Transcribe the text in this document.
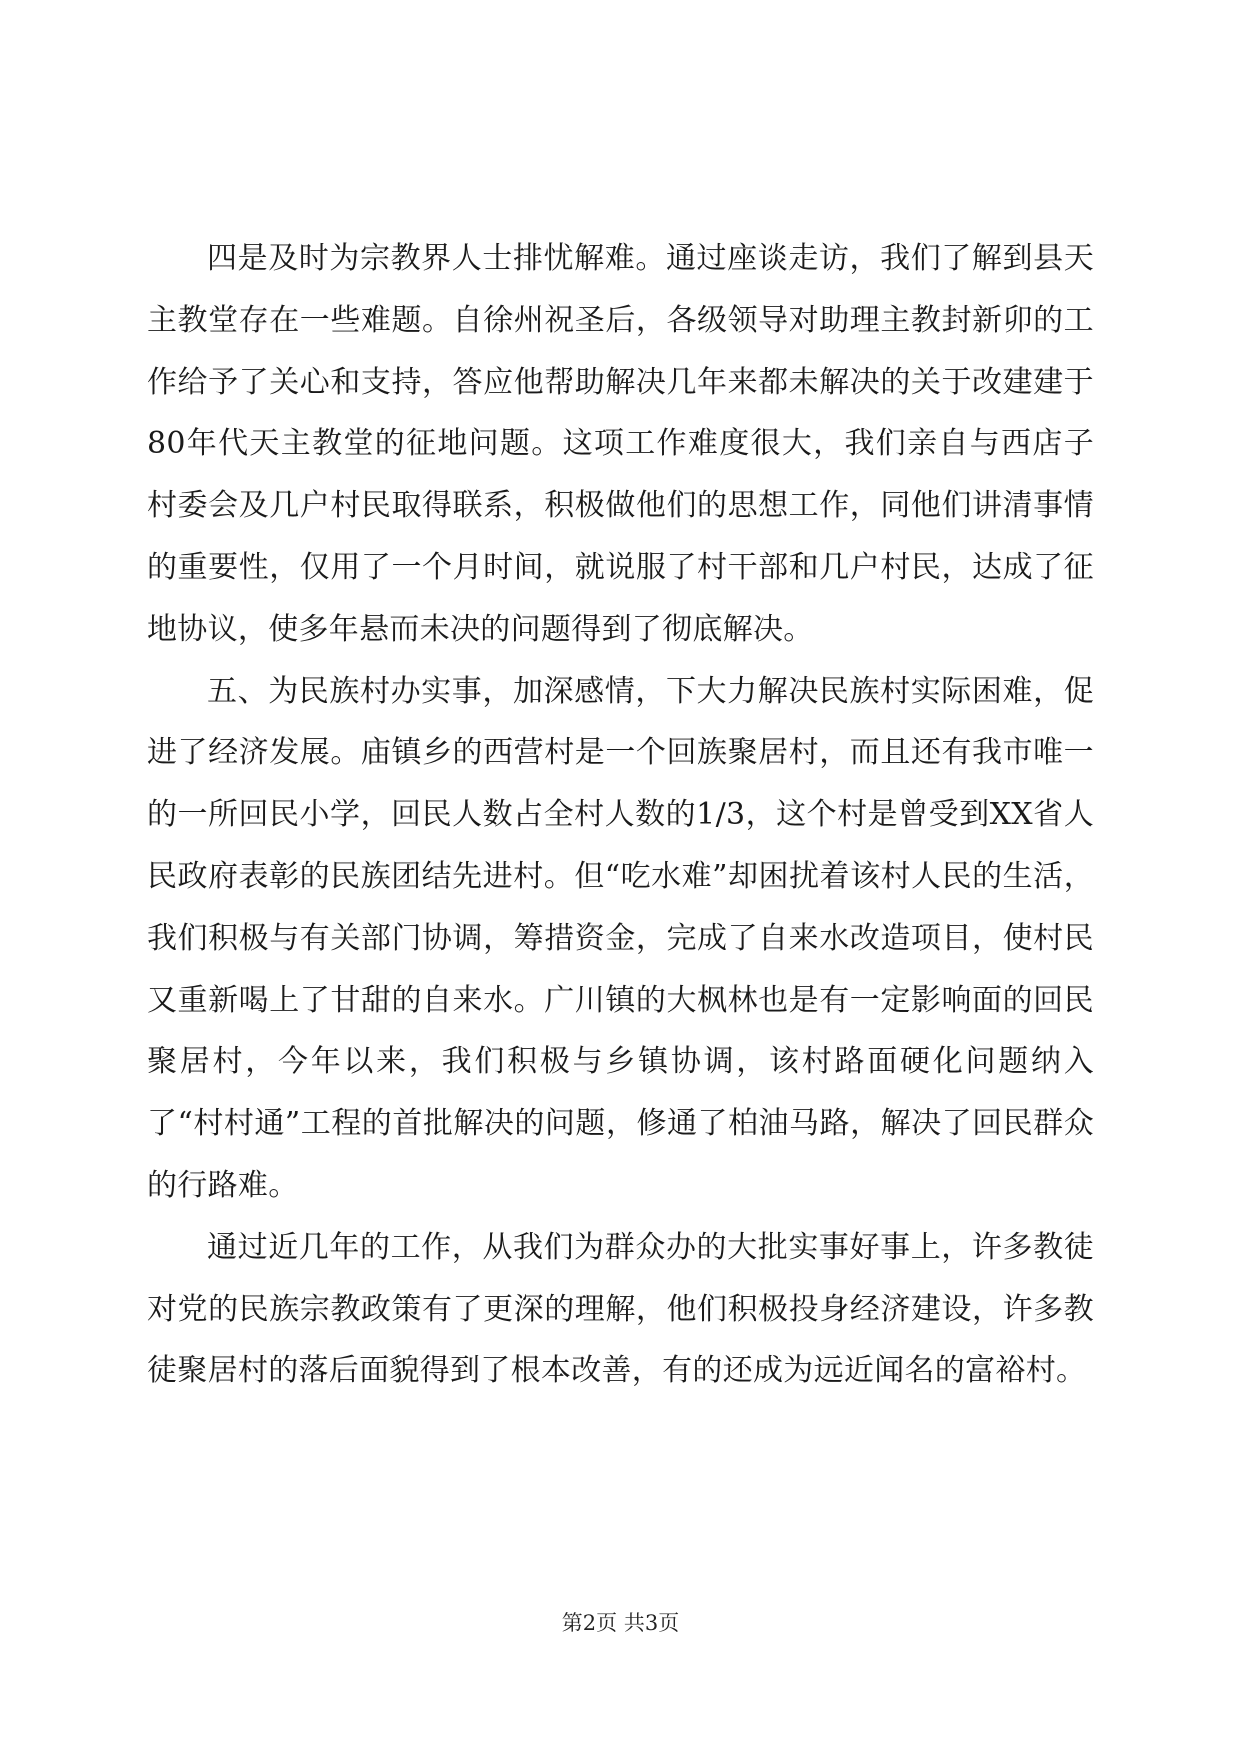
四是及时为宗教界人士排忧解难。通过座谈走访，我们了解到县天主教堂存在一些难题。自徐州祝圣后，各级领导对助理主教封新卯的工作给予了关心和支持，答应他帮助解决几年来都未解决的关于改建建于80年代天主教堂的征地问题。这项工作难度很大，我们亲自与西店子村委会及几户村民取得联系，积极做他们的思想工作，同他们讲清事情的重要性，仅用了一个月时间，就说服了村干部和几户村民，达成了征地协议，使多年悬而未决的问题得到了彻底解决。

五、为民族村办实事，加深感情，下大力解决民族村实际困难，促进了经济发展。庙镇乡的西营村是一个回族聚居村，而且还有我市唯一的一所回民小学，回民人数占全村人数的1/3，这个村是曾受到XX省人民政府表彰的民族团结先进村。但“吃水难”却困扰着该村人民的生活，我们积极与有关部门协调，筹措资金，完成了自来水改造项目，使村民又重新喝上了甘甜的自来水。广川镇的大枫林也是有一定影响面的回民聚居村，今年以来，我们积极与乡镇协调，该村路面硬化问题纳入了“村村通”工程的首批解决的问题，修通了柏油马路，解决了回民群众的行路难。

通过近几年的工作，从我们为群众办的大批实事好事上，许多教徒对党的民族宗教政策有了更深的理解，他们积极投身经济建设，许多教徒聚居村的落后面貌得到了根本改善，有的还成为远近闻名的富裕村。

第2页 共3页
